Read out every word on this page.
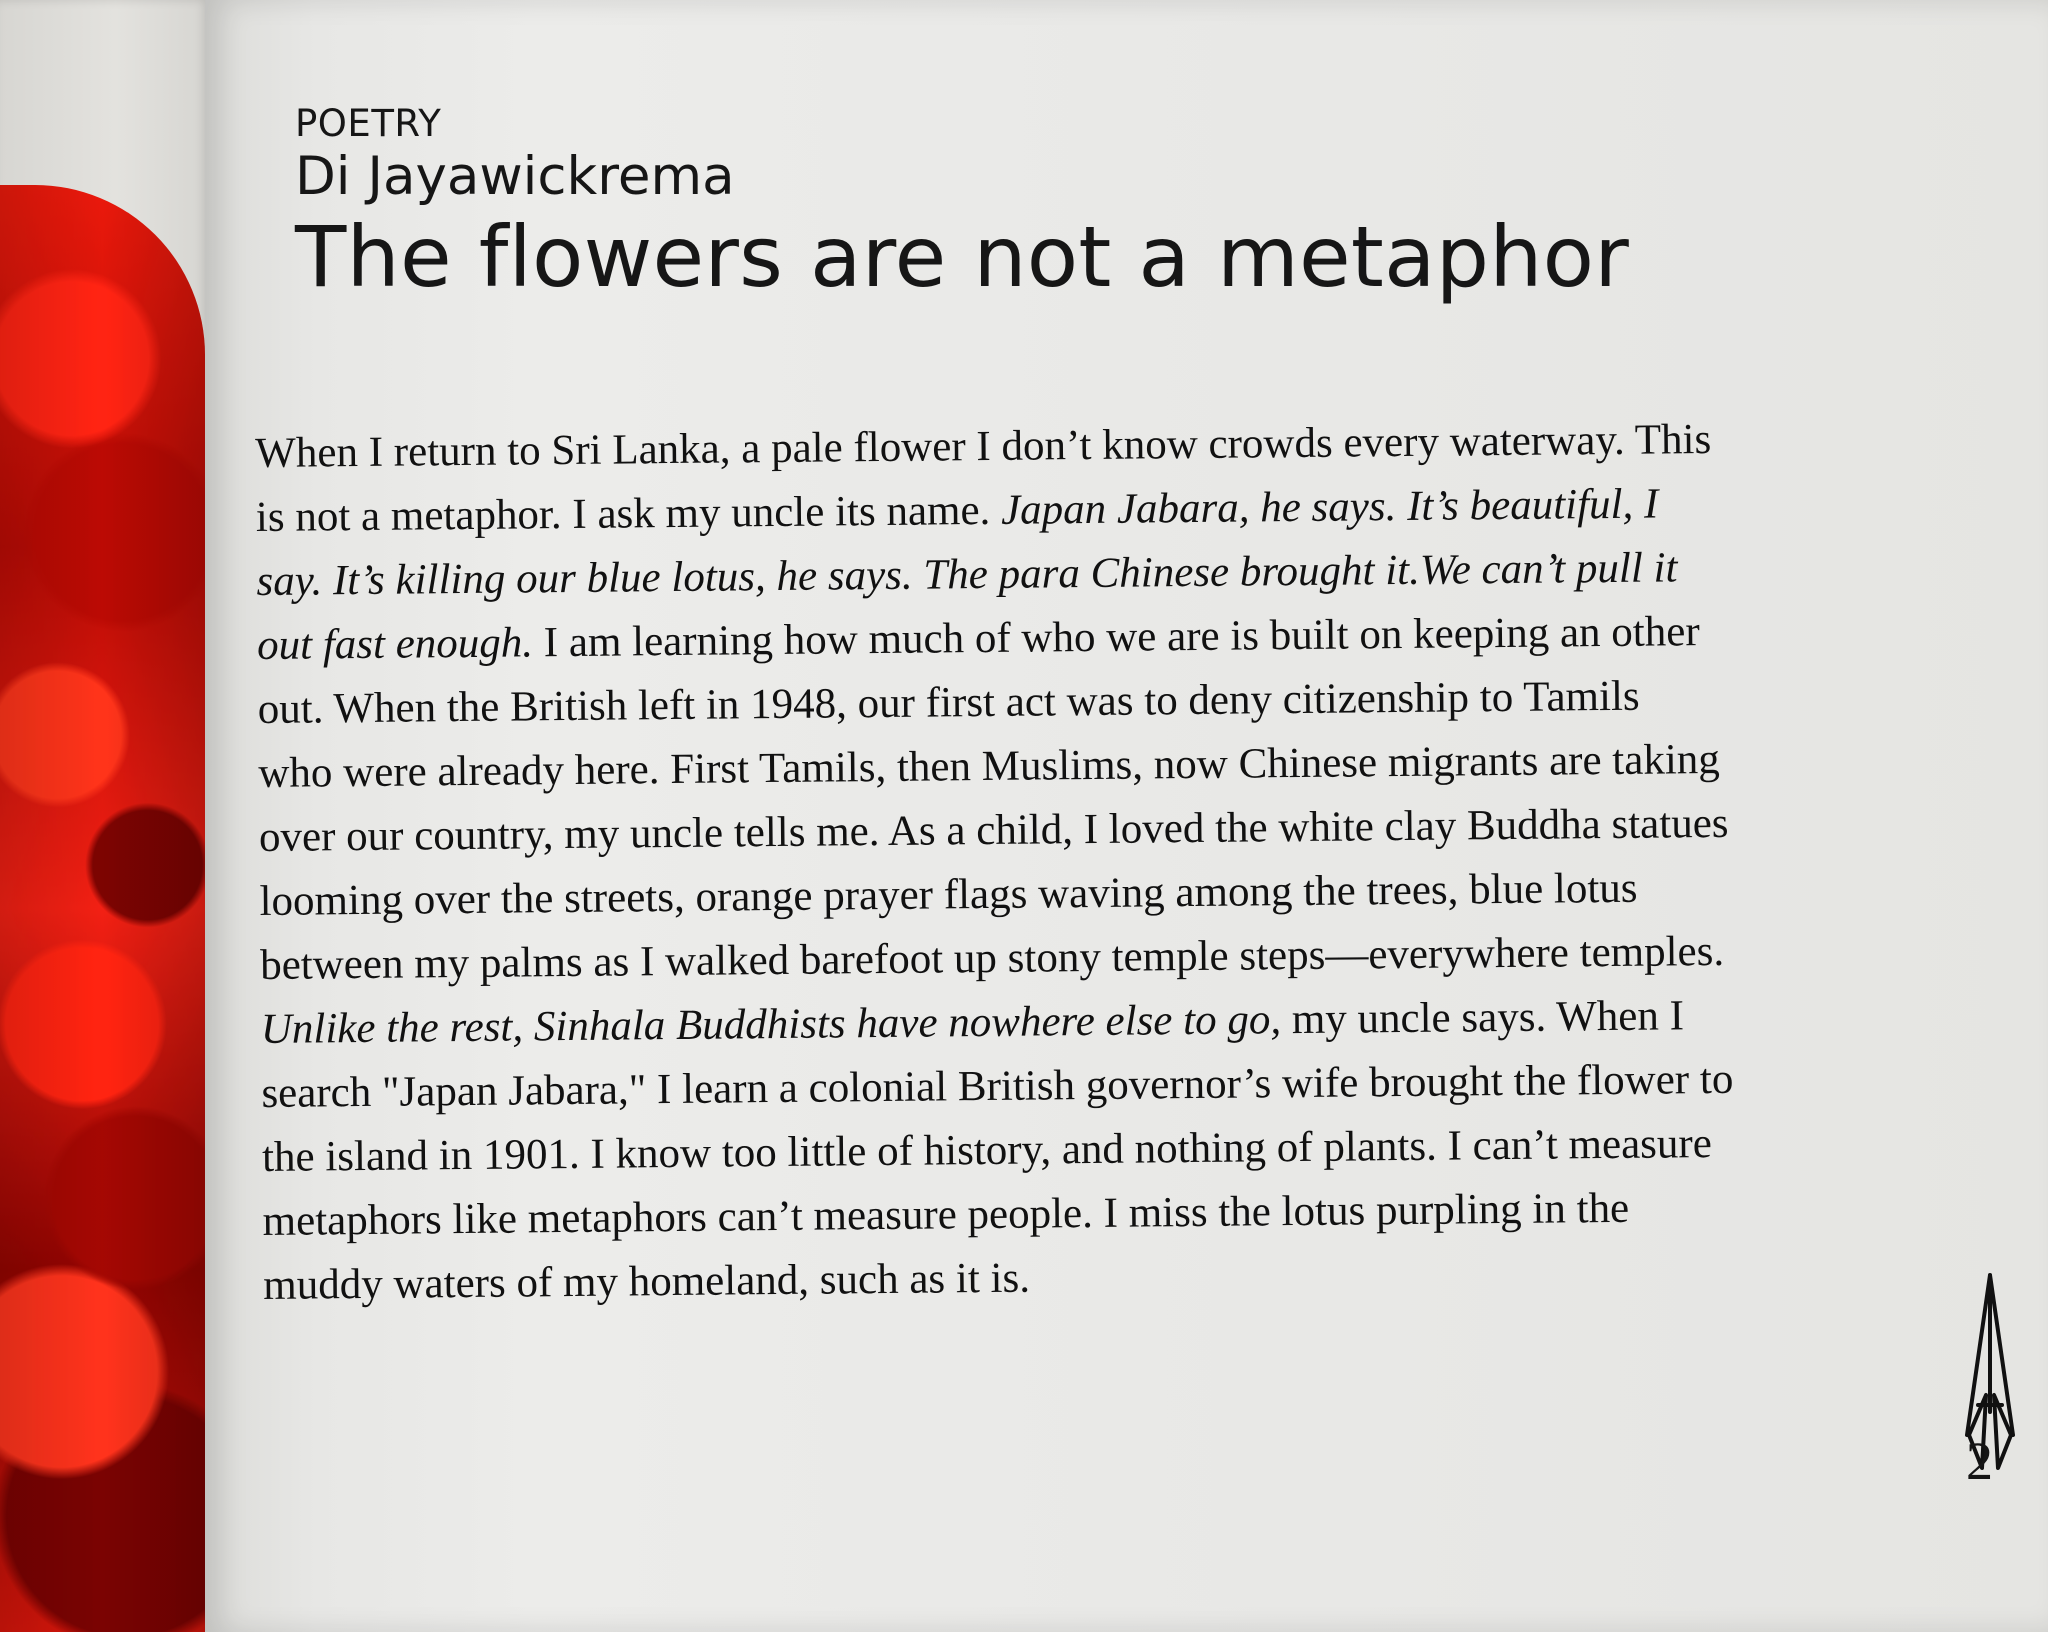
POETRY
Di Jayawickrema
The flowers are not a metaphor
When I return to Sri Lanka, a pale flower I don’t know crowds every waterway. This
is not a metaphor. I ask my uncle its name. Japan Jabara, he says. It’s beautiful, I
say. It’s killing our blue lotus, he says. The para Chinese brought it.We can’t pull it
out fast enough. I am learning how much of who we are is built on keeping an other
out. When the British left in 1948, our first act was to deny citizenship to Tamils
who were already here. First Tamils, then Muslims, now Chinese migrants are taking
over our country, my uncle tells me. As a child, I loved the white clay Buddha statues
looming over the streets, orange prayer flags waving among the trees, blue lotus
between my palms as I walked barefoot up stony temple steps—everywhere temples.
Unlike the rest, Sinhala Buddhists have nowhere else to go, my uncle says. When I
search "Japan Jabara," I learn a colonial British governor’s wife brought the flower to
the island in 1901. I know too little of history, and nothing of plants. I can’t measure
metaphors like metaphors can’t measure people. I miss the lotus purpling in the
muddy waters of my homeland, such as it is.
2
